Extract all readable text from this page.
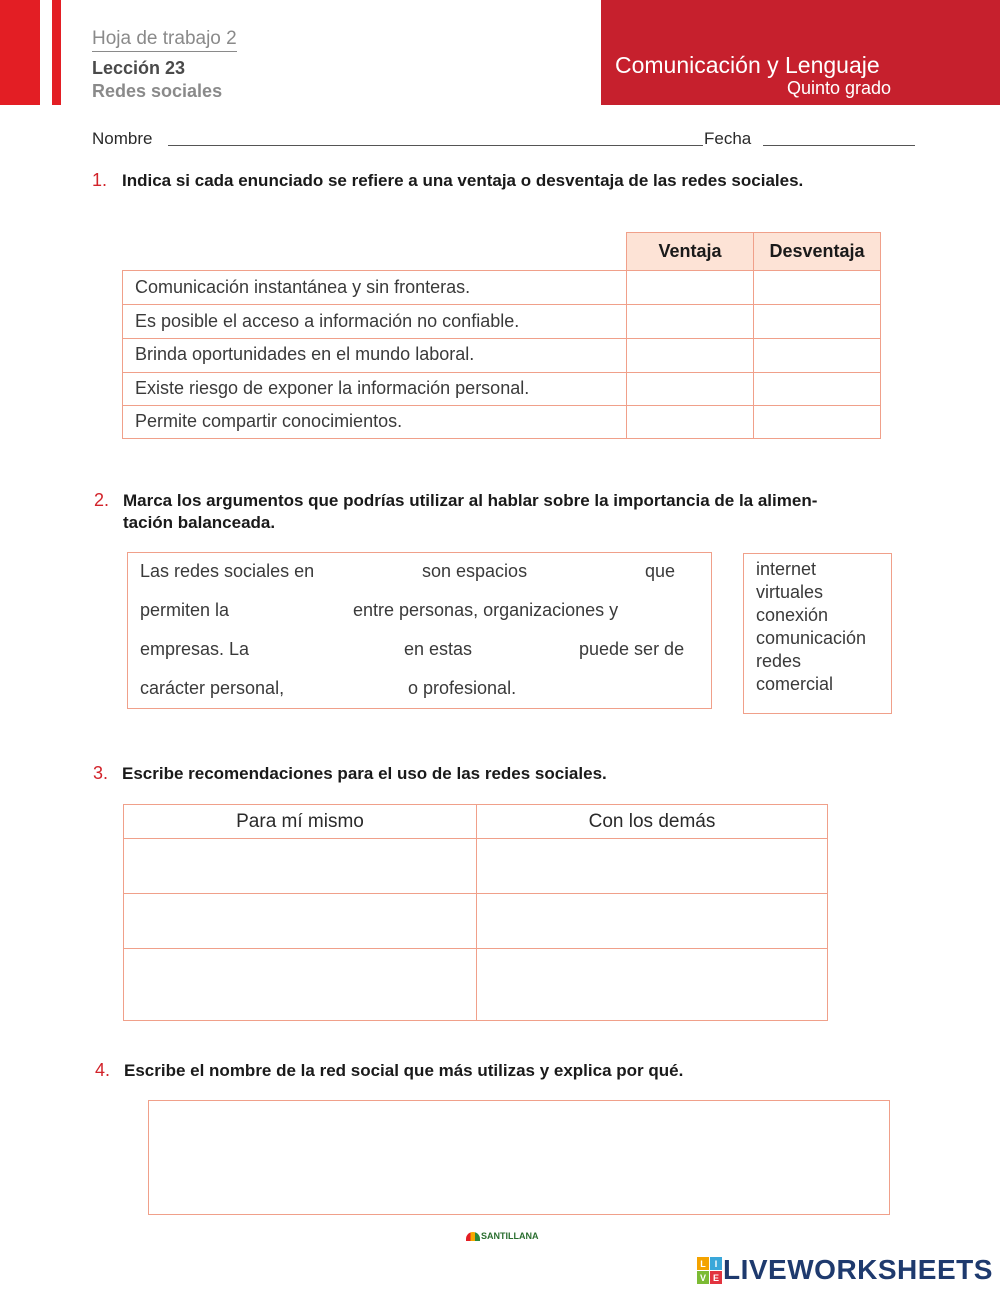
Comunicación y Lenguaje
Quinto grado
Hoja de trabajo 2
Lección 23
Redes sociales
Nombre	Fecha
1. Indica si cada enunciado se refiere a una ventaja o desventaja de las redes sociales.
Ventaja	Desventaja
Comunicación instantánea y sin fronteras.
Es posible el acceso a información no confiable.
Brinda oportunidades en el mundo laboral.
Existe riesgo de exponer la información personal.
Permite compartir conocimientos.
2. Marca los argumentos que podrías utilizar al hablar sobre la importancia de la alimen-
tación balanceada.
Las redes sociales en	son espacios	que
permiten la	entre personas, organizaciones y
empresas. La	en estas	puede ser de
carácter personal,	o profesional.
internet
virtuales
conexión
comunicación
redes
comercial
3. Escribe recomendaciones para el uso de las redes sociales.
Para mí mismo	Con los demás
4. Escribe el nombre de la red social que más utilizas y explica por qué.
SANTILLANA
L I
V E LIVEWORKSHEETS
